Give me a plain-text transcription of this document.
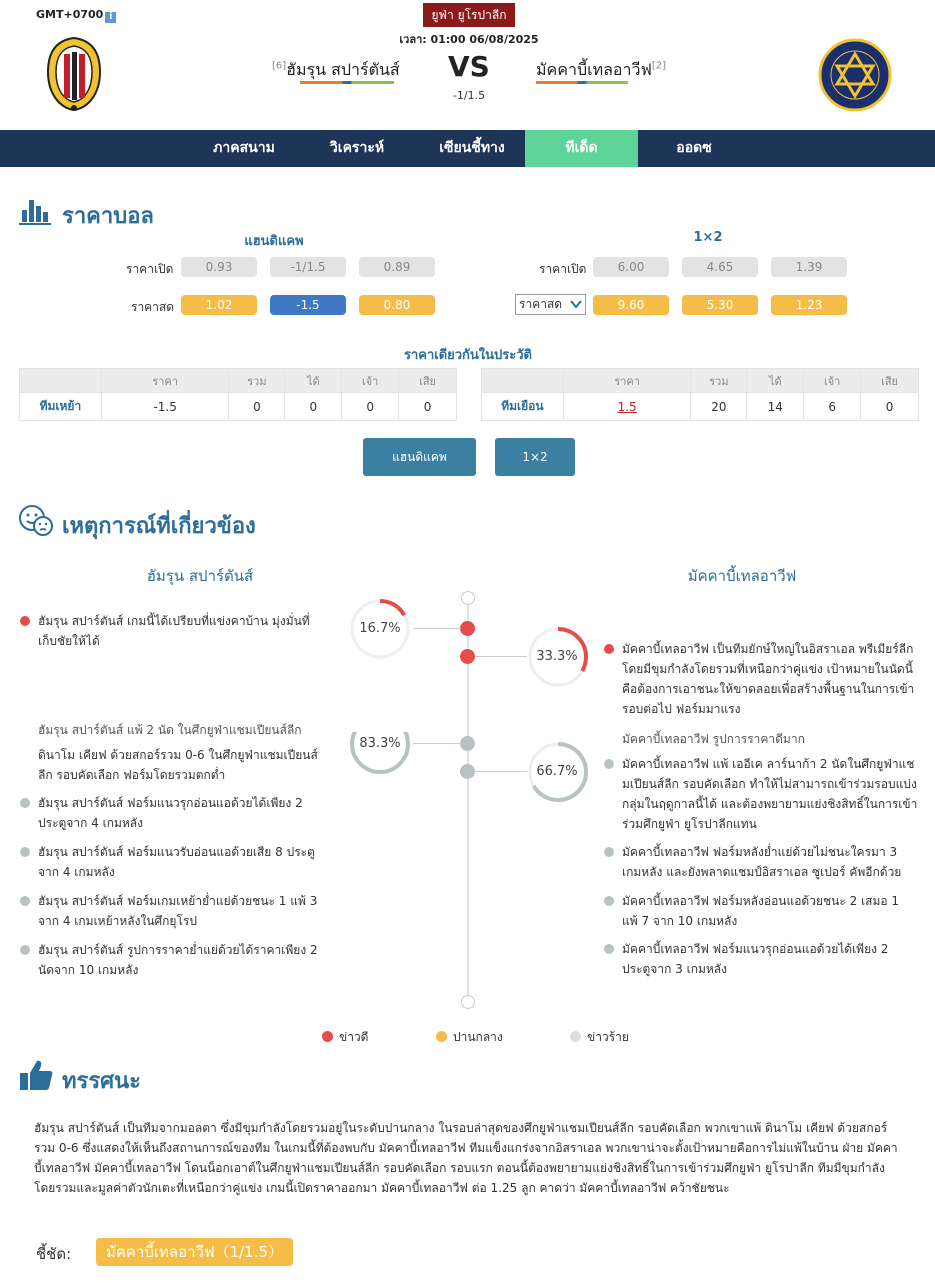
GMT+0700 i	ยูฟ่า ยูโรปาลีก
เวลา: 01:00 06/08/2025
[6]ฮัมรุน สปาร์ตันส์ VS
-1/1.5
มัคคาบี้เทลอาวีฟ[2]
ภาคสนาม	วิเคราะห์	เซียนชี้ทาง	ทีเด็ด	ออดซ
ราคาบอล
แฮนดิแคพ	1×2
ราคาเปิด	0.93	-1/1.5	0.89
ราคาสด	1.02	-1.5	0.80
ราคาเปิด	6.00	4.65	1.39
ราคาสด	9.60	5.30	1.23
ราคาเดียวกันในประวัติ
	ราคา	รวม	ได้	เจ้า	เสีย
ทีมเหย้า	-1.5	0	0	0	0
	ราคา	รวม	ได้	เจ้า	เสีย
ทีมเยือน	1.5	20	14	6	0
แฮนดิแคพ	1×2
เหตุการณ์ที่เกี่ยวข้อง
ฮัมรุน สปาร์ตันส์	มัคคาบี้เทลอาวีฟ
16.7%
33.3%
ฮัมรุน สปาร์ตันส์ เกมนี้ได้เปรียบที่แข่งคาบ้าน มุ่งมั่นที่เก็บชัยให้ได้
มัคคาบี้เทลอาวีฟ เป็นทีมยักษ์ใหญ่ในอิสราเอล พรีเมียร์ลีก โดยมีขุมกำลังโดยรวมที่เหนือกว่าคู่แข่ง เป้าหมายในนัดนี้คือต้องการเอาชนะให้ขาดลอยเพื่อสร้างพื้นฐานในการเข้ารอบต่อไป ฟอร์มมาแรง
ฮัมรุน สปาร์ตันส์ แพ้ 2 นัด ในศึกยูฟ่าแชมเปียนส์ลีก
มัคคาบี้เทลอาวีฟ รูปการราคาดีมาก
83.3%
66.7%
ดินาโม เคียฟ ด้วยสกอร์รวม 0-6 ในศึกยูฟ่าแชมเปียนส์ลีก รอบคัดเลือก ฟอร์มโดยรวมตกต่ำ
ฮัมรุน สปาร์ตันส์ ฟอร์มแนวรุกอ่อนแอด้วยได้เพียง 2 ประตูจาก 4 เกมหลัง
ฮัมรุน สปาร์ตันส์ ฟอร์มแนวรับอ่อนแอด้วยเสีย 8 ประตูจาก 4 เกมหลัง
ฮัมรุน สปาร์ตันส์ ฟอร์มเกมเหย้าย่ำแย่ด้วยชนะ 1 แพ้ 3 จาก 4 เกมเหย้าหลังในศึกยุโรป
ฮัมรุน สปาร์ตันส์ รูปการราคาย่ำแย่ด้วยได้ราคาเพียง 2 นัดจาก 10 เกมหลัง
มัคคาบี้เทลอาวีฟ แพ้ เออีเค ลาร์นาก้า 2 นัดในศึกยูฟ่าแชมเปียนส์ลีก รอบคัดเลือก ทำให้ไม่สามารถเข้าร่วมรอบแบ่งกลุ่มในฤดูกาลนี้ได้ และต้องพยายามแย่งชิงสิทธิ์ในการเข้าร่วมศึกยูฟ่า ยูโรปาลีกแทน
มัคคาบี้เทลอาวีฟ ฟอร์มหลังย่ำแย่ด้วยไม่ชนะใครมา 3 เกมหลัง และยังพลาดแชมป์อิสราเอล ซูเปอร์ คัพอีกด้วย
มัคคาบี้เทลอาวีฟ ฟอร์มหลังอ่อนแอด้วยชนะ 2 เสมอ 1 แพ้ 7 จาก 10 เกมหลัง
มัคคาบี้เทลอาวีฟ ฟอร์มแนวรุกอ่อนแอด้วยได้เพียง 2 ประตูจาก 3 เกมหลัง
ข่าวดี	ปานกลาง	ข่าวร้าย
ทรรศนะ
ฮัมรุน สปาร์ตันส์ เป็นทีมจากมอลตา ซึ่งมีขุมกำลังโดยรวมอยู่ในระดับปานกลาง ในรอบล่าสุดของศึกยูฟ่าแชมเปียนส์ลีก รอบคัดเลือก พวกเขาแพ้ ดินาโม เคียฟ ด้วยสกอร์รวม 0-6 ซึ่งแสดงให้เห็นถึงสถานการณ์ของทีม ในเกมนี้ที่ต้องพบกับ มัคคาบี้เทลอาวีฟ ทีมแข็งแกร่งจากอิสราเอล พวกเขาน่าจะตั้งเป้าหมายคือการไม่แพ้ในบ้าน ฝ่าย มัคคาบี้เทลอาวีฟ มัคคาบี้เทลอาวีฟ โดนน็อกเอาต์ในศึกยูฟ่าแชมเปียนส์ลีก รอบคัดเลือก รอบแรก ตอนนี้ต้องพยายามแย่งชิงสิทธิ์ในการเข้าร่วมศึกยูฟ่า ยูโรปาลีก ทีมมีขุมกำลังโดยรวมและมูลค่าตัวนักเตะที่เหนือกว่าคู่แข่ง เกมนี้เปิดราคาออกมา มัคคาบี้เทลอาวีฟ ต่อ 1.25 ลูก คาดว่า มัคคาบี้เทลอาวีฟ คว้าชัยชนะ
ชี้ชัด:	มัคคาบี้เทลอาวีฟ（1/1.5）
